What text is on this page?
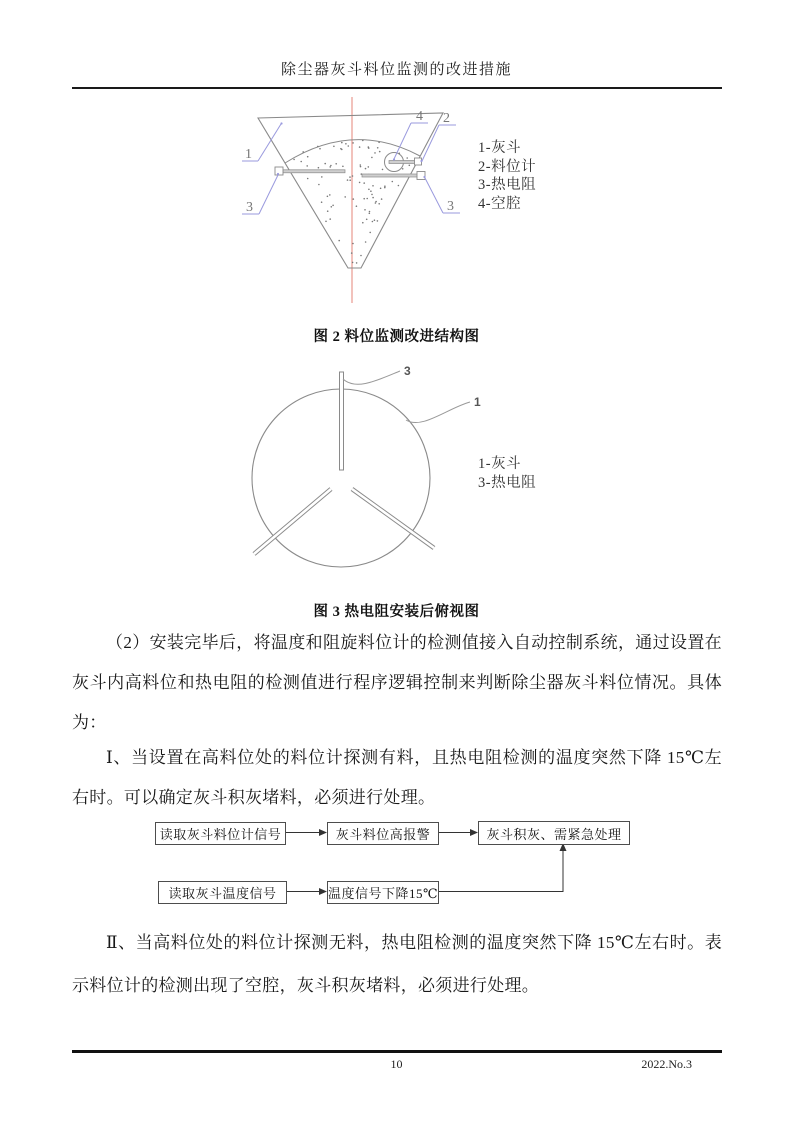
除尘器灰斗料位监测的改进措施
1
3
4 2
3
1-灰斗
2-料位计
3-热电阻
4-空腔
图 2 料位监测改进结构图
3
1
1-灰斗
3-热电阻
图 3 热电阻安装后俯视图
（2）安装完毕后，将温度和阻旋料位计的检测值接入自动控制系统，通过设置在灰斗内高料位和热电阻的检测值进行程序逻辑控制来判断除尘器灰斗料位情况。具体为：
Ⅰ、当设置在高料位处的料位计探测有料，且热电阻检测的温度突然下降 15℃左右时。可以确定灰斗积灰堵料，必须进行处理。
读取灰斗料位计信号	灰斗料位高报警	灰斗积灰、需紧急处理
读取灰斗温度信号	温度信号下降15℃
Ⅱ、当高料位处的料位计探测无料，热电阻检测的温度突然下降 15℃左右时。表示料位计的检测出现了空腔，灰斗积灰堵料，必须进行处理。
10	2022.No.3
